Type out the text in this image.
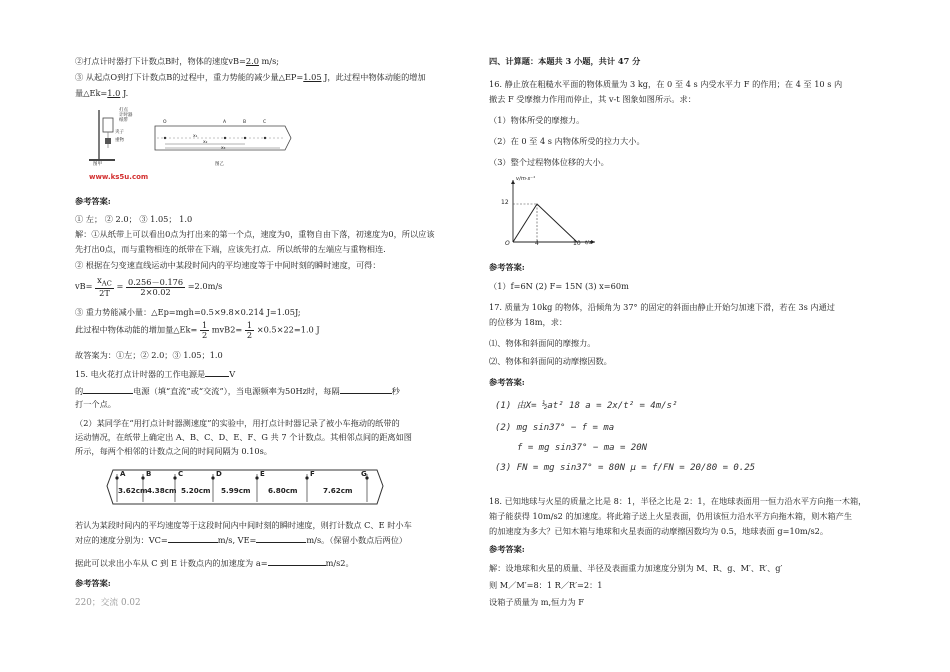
②打点计时器打下计数点B时，物体的速度vB=2.0 m/s;
③ 从起点O到打下计数点B的过程中，重力势能的减少量△EP=1.05 J，此过程中物体动能的增加
量△Ek=1.0 J.
打点
计时器
纸带
夹子
重物
图甲	图乙
O	A	B	C
x₁
x₂
x₃
www.ks5u.com
参考答案:
① 左； ② 2.0； ③ 1.05； 1.0
解：①从纸带上可以看出0点为打出来的第一个点，速度为0，重物自由下落，初速度为0，所以应该
先打出0点，而与重物相连的纸带在下端，应该先打点．所以纸带的左端应与重物相连.
② 根据在匀变速直线运动中某段时间内的平均速度等于中间时刻的瞬时速度，可得：
$vB= \frac{x_{AC}}{2T} = \frac{0.256-0.176}{2\times 0.02} =2.0m/s$
③ 重力势能减小量：△Ep=mgh=0.5×9.8×0.214 J=1.05J;
此过程中物体动能的增加量△Ek= $\frac{1}{2} mvB2= \frac{1}{2} \times 0.5\times 22=1.0$ J
故答案为：①左；② 2.0；③ 1.05；1.0
15. 电火花打点计时器的工作电源是	V
的	电源（填“直流”或“交流”），当电源频率为50Hz时，每隔	秒
打一个点。
（2）某同学在“用打点计时器测速度”的实验中，用打点计时器记录了被小车拖动的纸带的
运动情况，在纸带上确定出 A、B、C、D、E、F、G 共 7 个计数点。其相邻点间的距离如图
所示，每两个相邻的计数点之间的时间间隔为 0.10s。
A	B	C	D	E	F	G
3.62cm 4.38cm 5.20cm 5.99cm 6.80cm	7.62cm
若认为某段时间内的平均速度等于这段时间内中间时刻的瞬时速度，则打计数点 C、E 时小车
对应的速度分别为：VC=	m/s, VE=	m/s。（保留小数点后两位）
据此可以求出小车从 C 到 E 计数点内的加速度为 a=	m/s2。
参考答案:
220；交流 0.02
四、计算题：本题共 3 小题，共计 47 分
16. 静止放在粗糙水平面的物体质量为 3 kg，在 0 至 4 s 内受水平力 F 的作用；在 4 至 10 s 内
撤去 F 受摩擦力作用而停止，其 v-t 图象如图所示。求：
（1）物体所受的摩擦力。
（2）在 0 至 4 s 内物体所受的拉力大小。
（3）整个过程物体位移的大小。
v/m·s⁻¹
12
O	4	10 t/s
参考答案:
（1）f=6N (2) F= 15N (3) x=60m
17. 质量为 10kg 的物体，沿倾角为 37° 的固定的斜面由静止开始匀加速下滑，若在 3s 内通过
的位移为 18m，求：
⑴、物体和斜面间的摩擦力。
⑵、物体和斜面间的动摩擦因数。
参考答案:
(1) 由X= ½at² 18 a = 2x/t² = 4m/s²
(2) mg sin37° − f = ma
f = mg sin37° − ma = 20N
(3) FN = mg sin37° = 80N μ = f/FN = 20/80 = 0.25
18. 已知地球与火星的质量之比是 8：1，半径之比是 2：1，在地球表面用一恒力沿水平方向拖一木箱，
箱子能获得 10m/s2 的加速度。将此箱子送上火星表面，仍用该恒力沿水平方向拖木箱，则木箱产生
的加速度为多大？已知木箱与地球和火星表面的动摩擦因数均为 0.5，地球表面 g=10m/s2。
参考答案:
解：设地球和火星的质量、半径及表面重力加速度分别为 M、R、g、M′、R′、g′
则 M／M′=8：1 R／R′=2：1
设箱子质量为 m,恒力为 F
